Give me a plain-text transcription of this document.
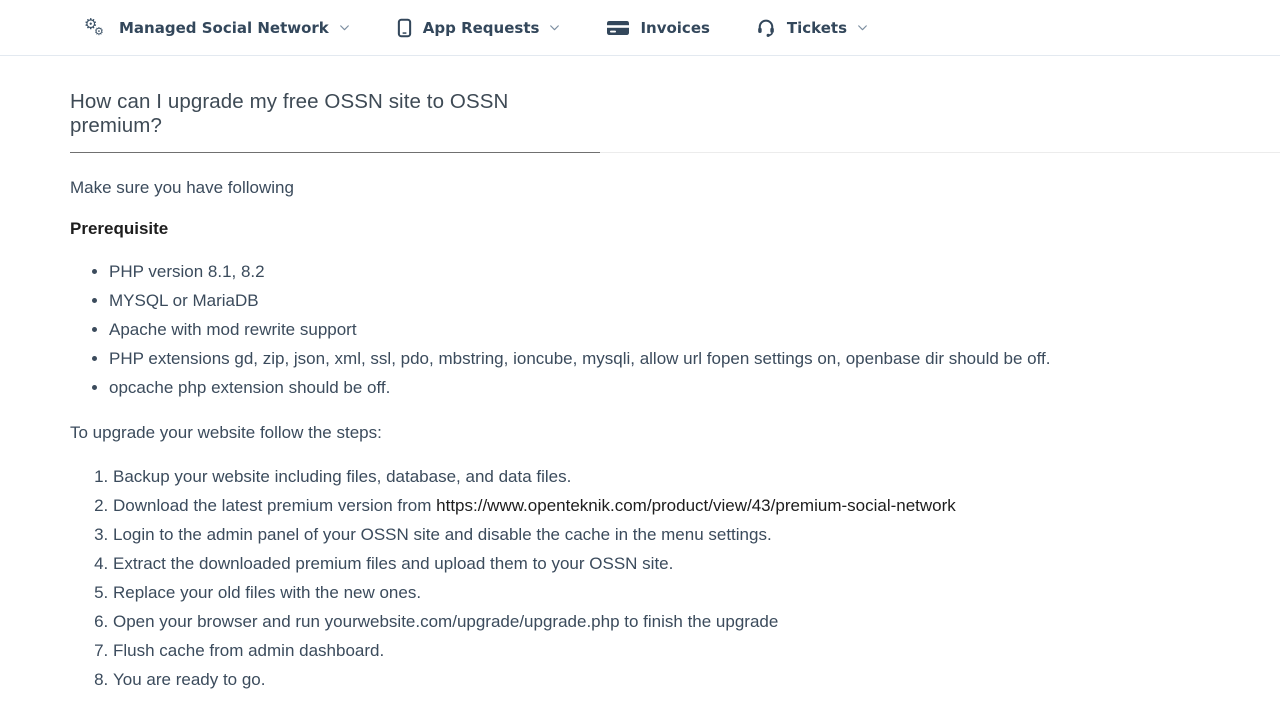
⚙
⚙ Managed Social Network	App Requests	Invoices	Tickets
How can I upgrade my free OSSN site to OSSN premium?

Make sure you have following

Prerequisite

• PHP version 8.1, 8.2
• MYSQL or MariaDB
• Apache with mod rewrite support
• PHP extensions gd, zip, json, xml, ssl, pdo, mbstring, ioncube, mysqli, allow url fopen settings on, openbase dir should be off.
• opcache php extension should be off.

To upgrade your website follow the steps:

1. Backup your website including files, database, and data files.
2. Download the latest premium version from https://www.openteknik.com/product/view/43/premium-social-network
3. Login to the admin panel of your OSSN site and disable the cache in the menu settings.
4. Extract the downloaded premium files and upload them to your OSSN site.
5. Replace your old files with the new ones.
6. Open your browser and run yourwebsite.com/upgrade/upgrade.php to finish the upgrade
7. Flush cache from admin dashboard.
8. You are ready to go.
